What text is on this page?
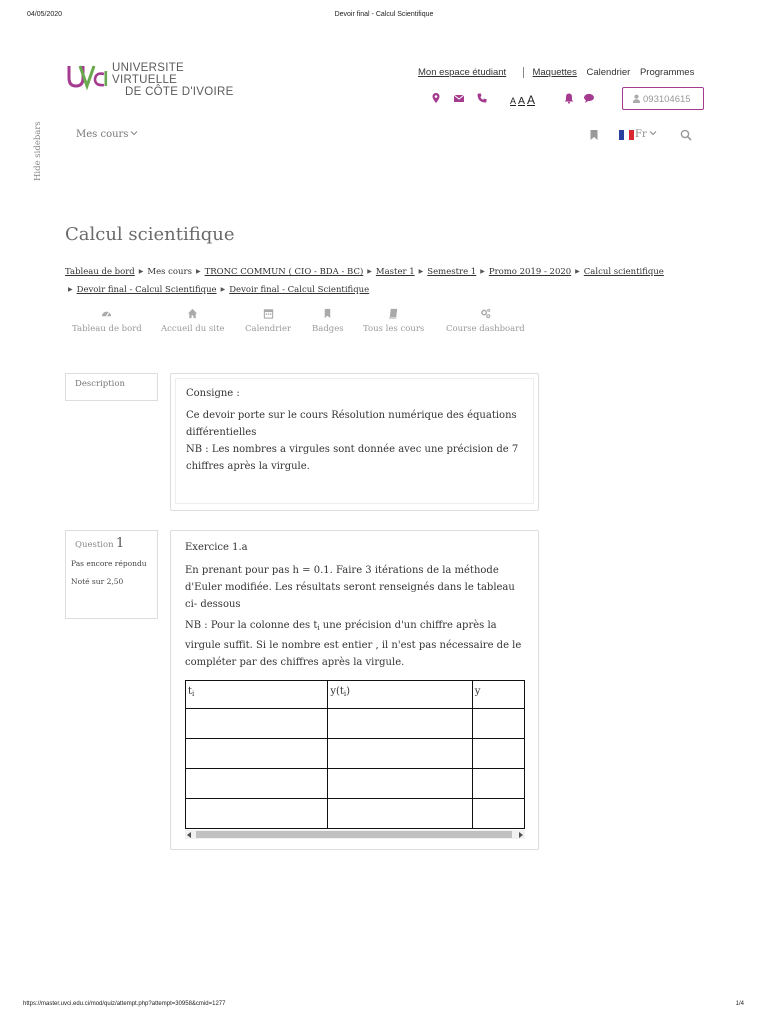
04/05/2020	Devoir final - Calcul Scientifique
UNIVERSITE VIRTUELLE
DE CÔTE D'IVOIRE
Mon espace étudiant	Maquettes Calendrier Programmes
A A A	093104615
Hide sidebars	Mes cours	Fr
Calcul scientifique
Tableau de bord ▶ Mes cours ▶ TRONC COMMUN ( CIO - BDA - BC) ▶ Master 1 ▶ Semestre 1 ▶ Promo 2019 - 2020 ▶ Calcul scientifique
▶ Devoir final - Calcul Scientifique ▶ Devoir final - Calcul Scientifique
Tableau de bord Accueil du site Calendrier Badges Tous les cours	Course dashboard
Description

Consigne :

Ce devoir porte sur le cours Résolution numérique des équations différentielles

NB : Les nombres a virgules sont donnée avec une précision de 7 chiffres après la virgule.

Question 1
Pas encore répondu
Noté sur 2,50

Exercice 1.a

En prenant pour pas h = 0.1. Faire 3 itérations de la méthode d'Euler modifiée. Les résultats seront renseignés dans le tableau ci- dessous

NB : Pour la colonne des $t_i$ une précision d'un chiffre après la virgule suffit. Si le nombre est entier , il n'est pas nécessaire de le compléter par des chiffres après la virgule.

$t_i$	$y(t_i)$	y

https://master.uvci.edu.ci/mod/quiz/attempt.php?attempt=30958&cmid=1277	1/4
